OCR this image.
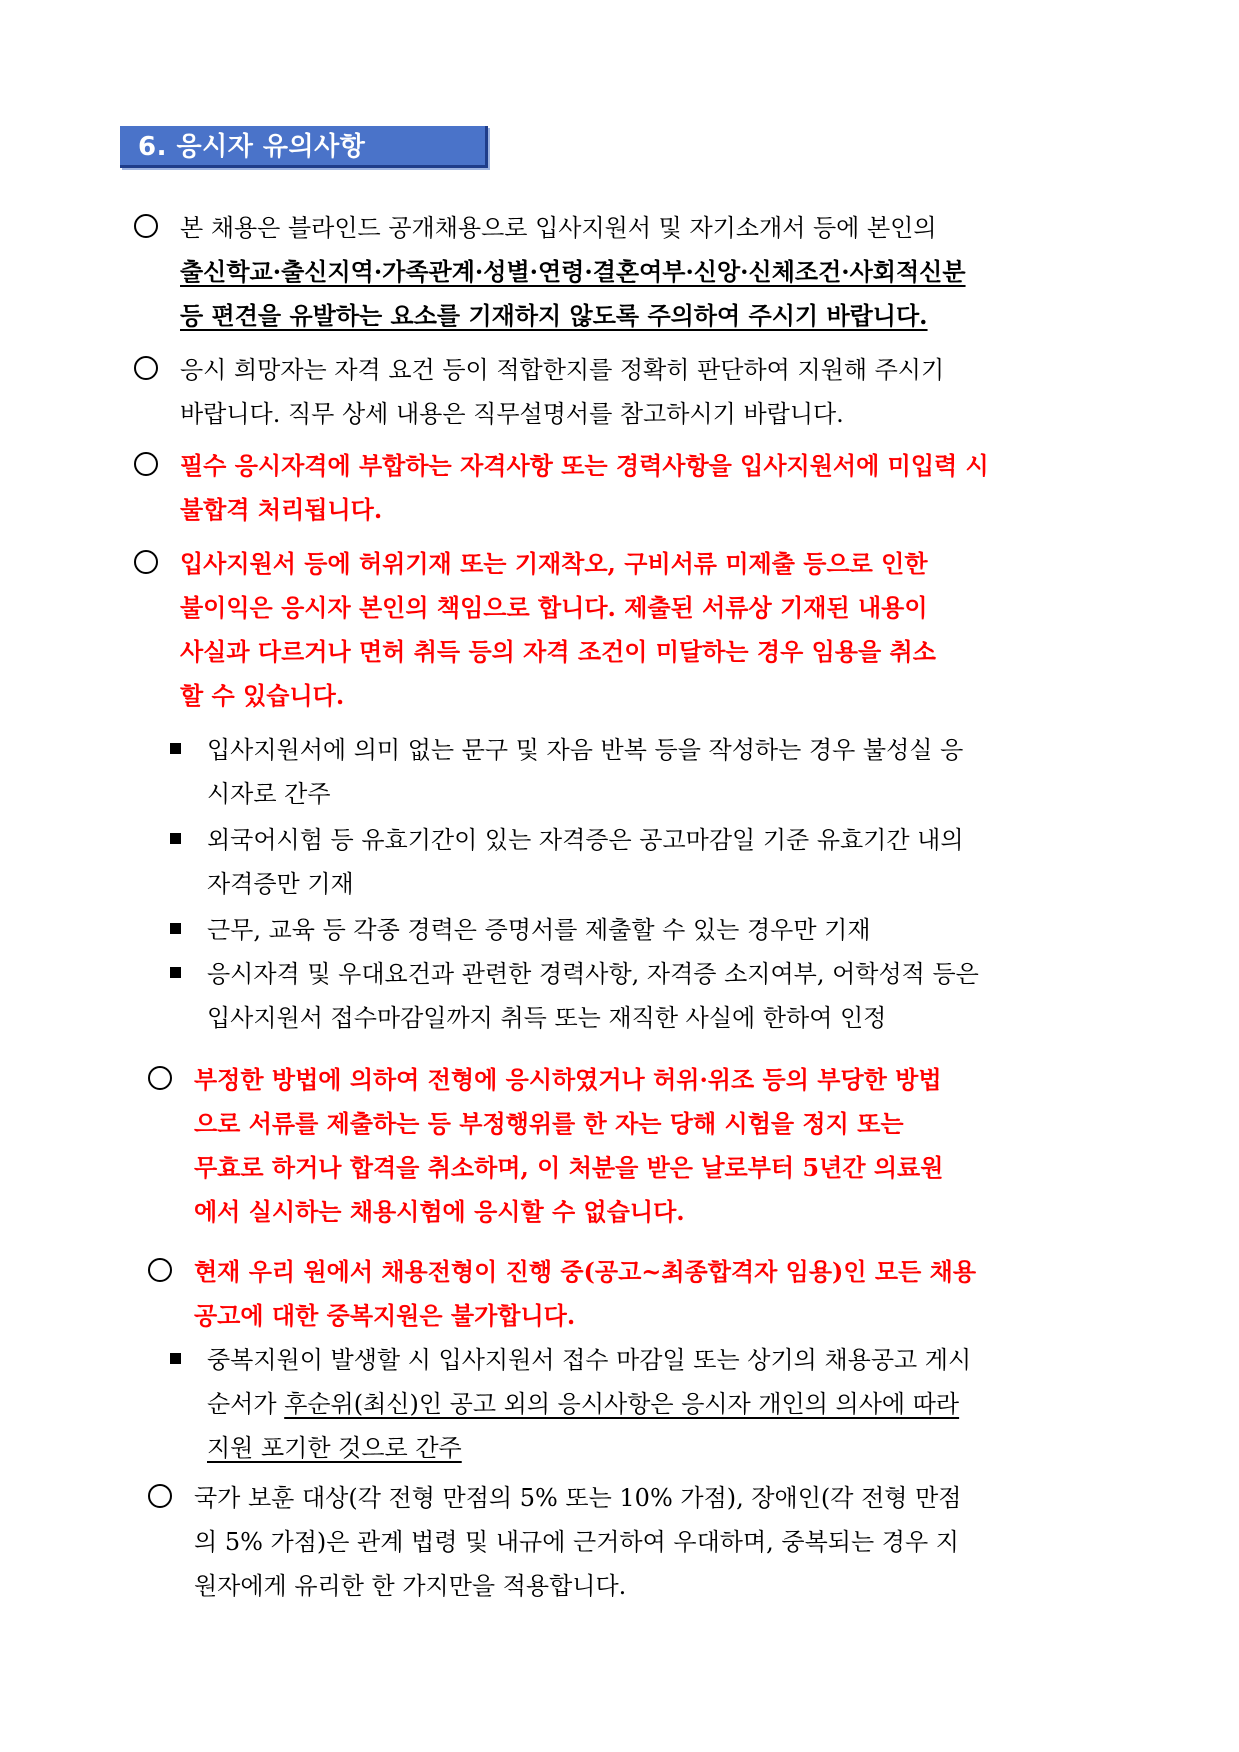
6. 응시자 유의사항
본 채용은 블라인드 공개채용으로 입사지원서 및 자기소개서 등에 본인의
출신학교·출신지역·가족관계·성별·연령·결혼여부·신앙·신체조건·사회적신분
등 편견을 유발하는 요소를 기재하지 않도록 주의하여 주시기 바랍니다.
응시 희망자는 자격 요건 등이 적합한지를 정확히 판단하여 지원해 주시기
바랍니다. 직무 상세 내용은 직무설명서를 참고하시기 바랍니다.
필수 응시자격에 부합하는 자격사항 또는 경력사항을 입사지원서에 미입력 시
불합격 처리됩니다.
입사지원서 등에 허위기재 또는 기재착오, 구비서류 미제출 등으로 인한
불이익은 응시자 본인의 책임으로 합니다. 제출된 서류상 기재된 내용이
사실과 다르거나 면허 취득 등의 자격 조건이 미달하는 경우 임용을 취소
할 수 있습니다.
입사지원서에 의미 없는 문구 및 자음 반복 등을 작성하는 경우 불성실 응
시자로 간주
외국어시험 등 유효기간이 있는 자격증은 공고마감일 기준 유효기간 내의
자격증만 기재
근무, 교육 등 각종 경력은 증명서를 제출할 수 있는 경우만 기재
응시자격 및 우대요건과 관련한 경력사항, 자격증 소지여부, 어학성적 등은
입사지원서 접수마감일까지 취득 또는 재직한 사실에 한하여 인정
부정한 방법에 의하여 전형에 응시하였거나 허위·위조 등의 부당한 방법
으로 서류를 제출하는 등 부정행위를 한 자는 당해 시험을 정지 또는
무효로 하거나 합격을 취소하며, 이 처분을 받은 날로부터 5년간 의료원
에서 실시하는 채용시험에 응시할 수 없습니다.
현재 우리 원에서 채용전형이 진행 중(공고~최종합격자 임용)인 모든 채용
공고에 대한 중복지원은 불가합니다.
중복지원이 발생할 시 입사지원서 접수 마감일 또는 상기의 채용공고 게시
순서가 후순위(최신)인 공고 외의 응시사항은 응시자 개인의 의사에 따라
지원 포기한 것으로 간주
국가 보훈 대상(각 전형 만점의 5% 또는 10% 가점), 장애인(각 전형 만점
의 5% 가점)은 관계 법령 및 내규에 근거하여 우대하며, 중복되는 경우 지
원자에게 유리한 한 가지만을 적용합니다.
